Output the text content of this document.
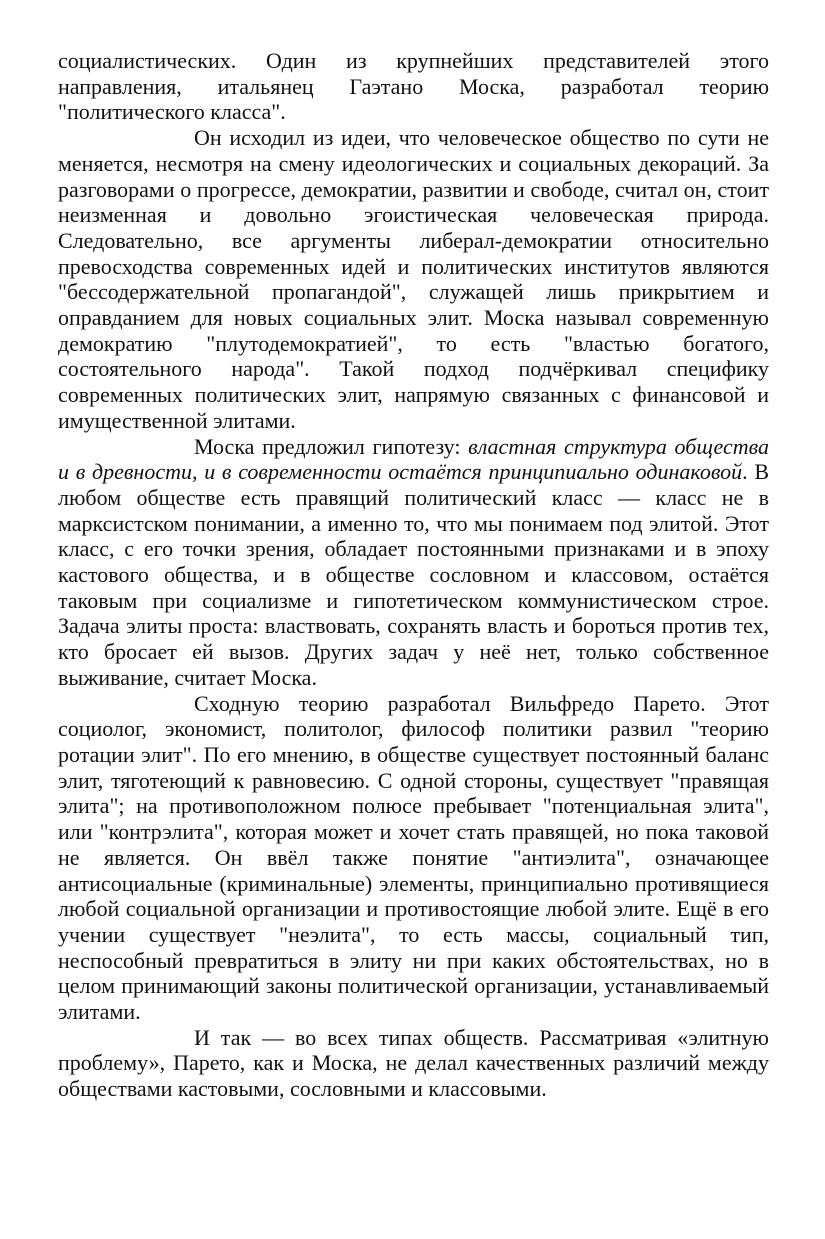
социалистических. Один из крупнейших представителей этого направления, итальянец Гаэтано Моска, разработал теорию "политического класса".

Он исходил из идеи, что человеческое общество по сути не меняется, несмотря на смену идеологических и социальных декораций. За разговорами о прогрессе, демократии, развитии и свободе, считал он, стоит неизменная и довольно эгоистическая человеческая природа. Следовательно, все аргументы либерал-демократии относительно превосходства современных идей и политических институтов являются "бессодержательной пропагандой", служащей лишь прикрытием и оправданием для новых социальных элит. Моска называл современную демократию "плутодемократией", то есть "властью богатого, состоятельного народа". Такой подход подчёркивал специфику современных политических элит, напрямую связанных с финансовой и имущественной элитами.

Моска предложил гипотезу: властная структура общества и в древности, и в современности остаётся принципиально одинаковой. В любом обществе есть правящий политический класс — класс не в марксистском понимании, а именно то, что мы понимаем под элитой. Этот класс, с его точки зрения, обладает постоянными признаками и в эпоху кастового общества, и в обществе сословном и классовом, остаётся таковым при социализме и гипотетическом коммунистическом строе. Задача элиты проста: властвовать, сохранять власть и бороться против тех, кто бросает ей вызов. Других задач у неё нет, только собственное выживание, считает Моска.

Сходную теорию разработал Вильфредо Парето. Этот социолог, экономист, политолог, философ политики развил "теорию ротации элит". По его мнению, в обществе существует постоянный баланс элит, тяготеющий к равновесию. С одной стороны, существует "правящая элита"; на противоположном полюсе пребывает "потенциальная элита", или "контрэлита", которая может и хочет стать правящей, но пока таковой не является. Он ввёл также понятие "антиэлита", означающее антисоциальные (криминальные) элементы, принципиально противящиеся любой социальной организации и противостоящие любой элите. Ещё в его учении существует "неэлита", то есть массы, социальный тип, неспособный превратиться в элиту ни при каких обстоятельствах, но в целом принимающий законы политической организации, устанавливаемый элитами.

И так — во всех типах обществ. Рассматривая «элитную проблему», Парето, как и Моска, не делал качественных различий между обществами кастовыми, сословными и классовыми.
